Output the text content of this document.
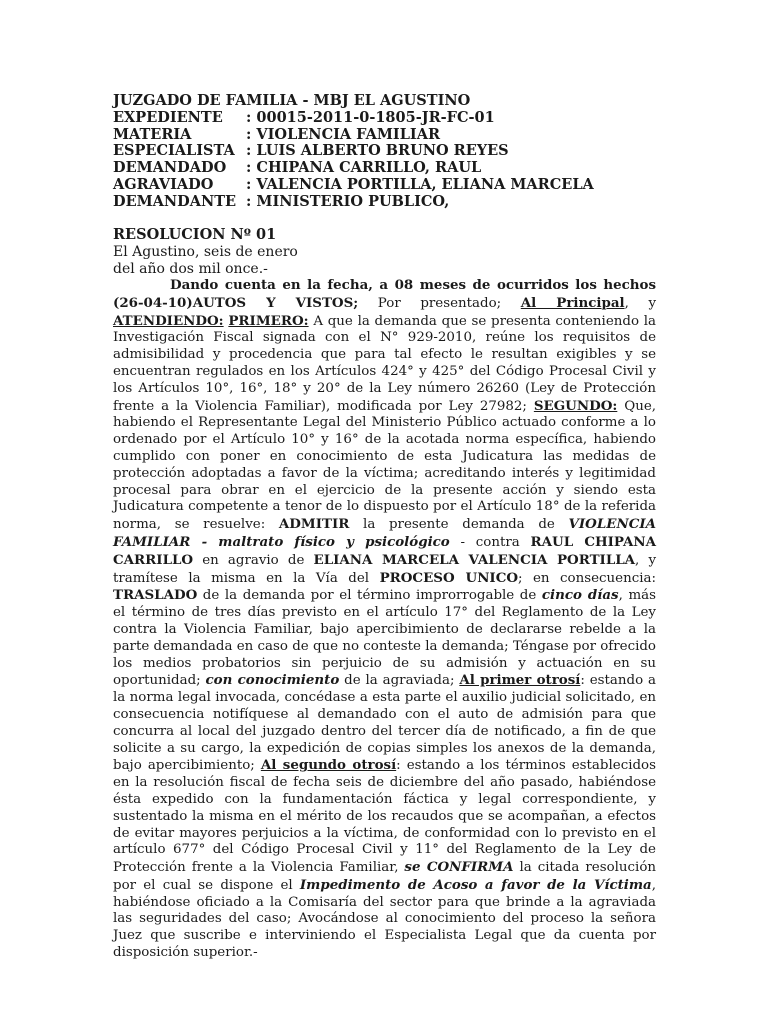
JUZGADO DE FAMILIA - MBJ EL AGUSTINO
EXPEDIENTE	: 00015-2011-0-1805-JR-FC-01
MATERIA	: VIOLENCIA FAMILIAR
ESPECIALISTA : LUIS ALBERTO BRUNO REYES
DEMANDADO	: CHIPANA CARRILLO, RAUL
AGRAVIADO	: VALENCIA PORTILLA, ELIANA MARCELA
DEMANDANTE : MINISTERIO PUBLICO,
RESOLUCION Nº 01
El Agustino, seis de enero
del año dos mil once.-

Dando cuenta en la fecha, a 08 meses de ocurridos los hechos (26-04-10)AUTOS Y VISTOS; Por presentado; Al Principal, y ATENDIENDO: PRIMERO: A que la demanda que se presenta conteniendo la Investigación Fiscal signada con el N° 929-2010, reúne los requisitos de admisibilidad y procedencia que para tal efecto le resultan exigibles y se encuentran regulados en los Artículos 424° y 425° del Código Procesal Civil y los Artículos 10°, 16°, 18° y 20° de la Ley número 26260 (Ley de Protección frente a la Violencia Familiar), modificada por Ley 27982; SEGUNDO: Que, habiendo el Representante Legal del Ministerio Público actuado conforme a lo ordenado por el Artículo 10° y 16° de la acotada norma específica, habiendo cumplido con poner en conocimiento de esta Judicatura las medidas de protección adoptadas a favor de la víctima; acreditando interés y legitimidad procesal para obrar en el ejercicio de la presente acción y siendo esta Judicatura competente a tenor de lo dispuesto por el Artículo 18° de la referida norma, se resuelve: ADMITIR la presente demanda de VIOLENCIA FAMILIAR - maltrato físico y psicológico - contra RAUL CHIPANA CARRILLO en agravio de ELIANA MARCELA VALENCIA PORTILLA, y tramítese la misma en la Vía del PROCESO UNICO; en consecuencia: TRASLADO de la demanda por el término improrrogable de cinco días, más el término de tres días previsto en el artículo 17° del Reglamento de la Ley contra la Violencia Familiar, bajo apercibimiento de declararse rebelde a la parte demandada en caso de que no conteste la demanda; Téngase por ofrecido los medios probatorios sin perjuicio de su admisión y actuación en su oportunidad; con conocimiento de la agraviada; Al primer otrosí: estando a la norma legal invocada, concédase a esta parte el auxilio judicial solicitado, en consecuencia notifíquese al demandado con el auto de admisión para que concurra al local del juzgado dentro del tercer día de notificado, a fin de que solicite a su cargo, la expedición de copias simples los anexos de la demanda, bajo apercibimiento; Al segundo otrosí: estando a los términos establecidos en la resolución fiscal de fecha seis de diciembre del año pasado, habiéndose ésta expedido con la fundamentación fáctica y legal correspondiente, y sustentado la misma en el mérito de los recaudos que se acompañan, a efectos de evitar mayores perjuicios a la víctima, de conformidad con lo previsto en el artículo 677° del Código Procesal Civil y 11° del Reglamento de la Ley de Protección frente a la Violencia Familiar, se CONFIRMA la citada resolución por el cual se dispone el Impedimento de Acoso a favor de la Víctima, habiéndose oficiado a la Comisaría del sector para que brinde a la agraviada las seguridades del caso; Avocándose al conocimiento del proceso la señora Juez que suscribe e interviniendo el Especialista Legal que da cuenta por disposición superior.-
